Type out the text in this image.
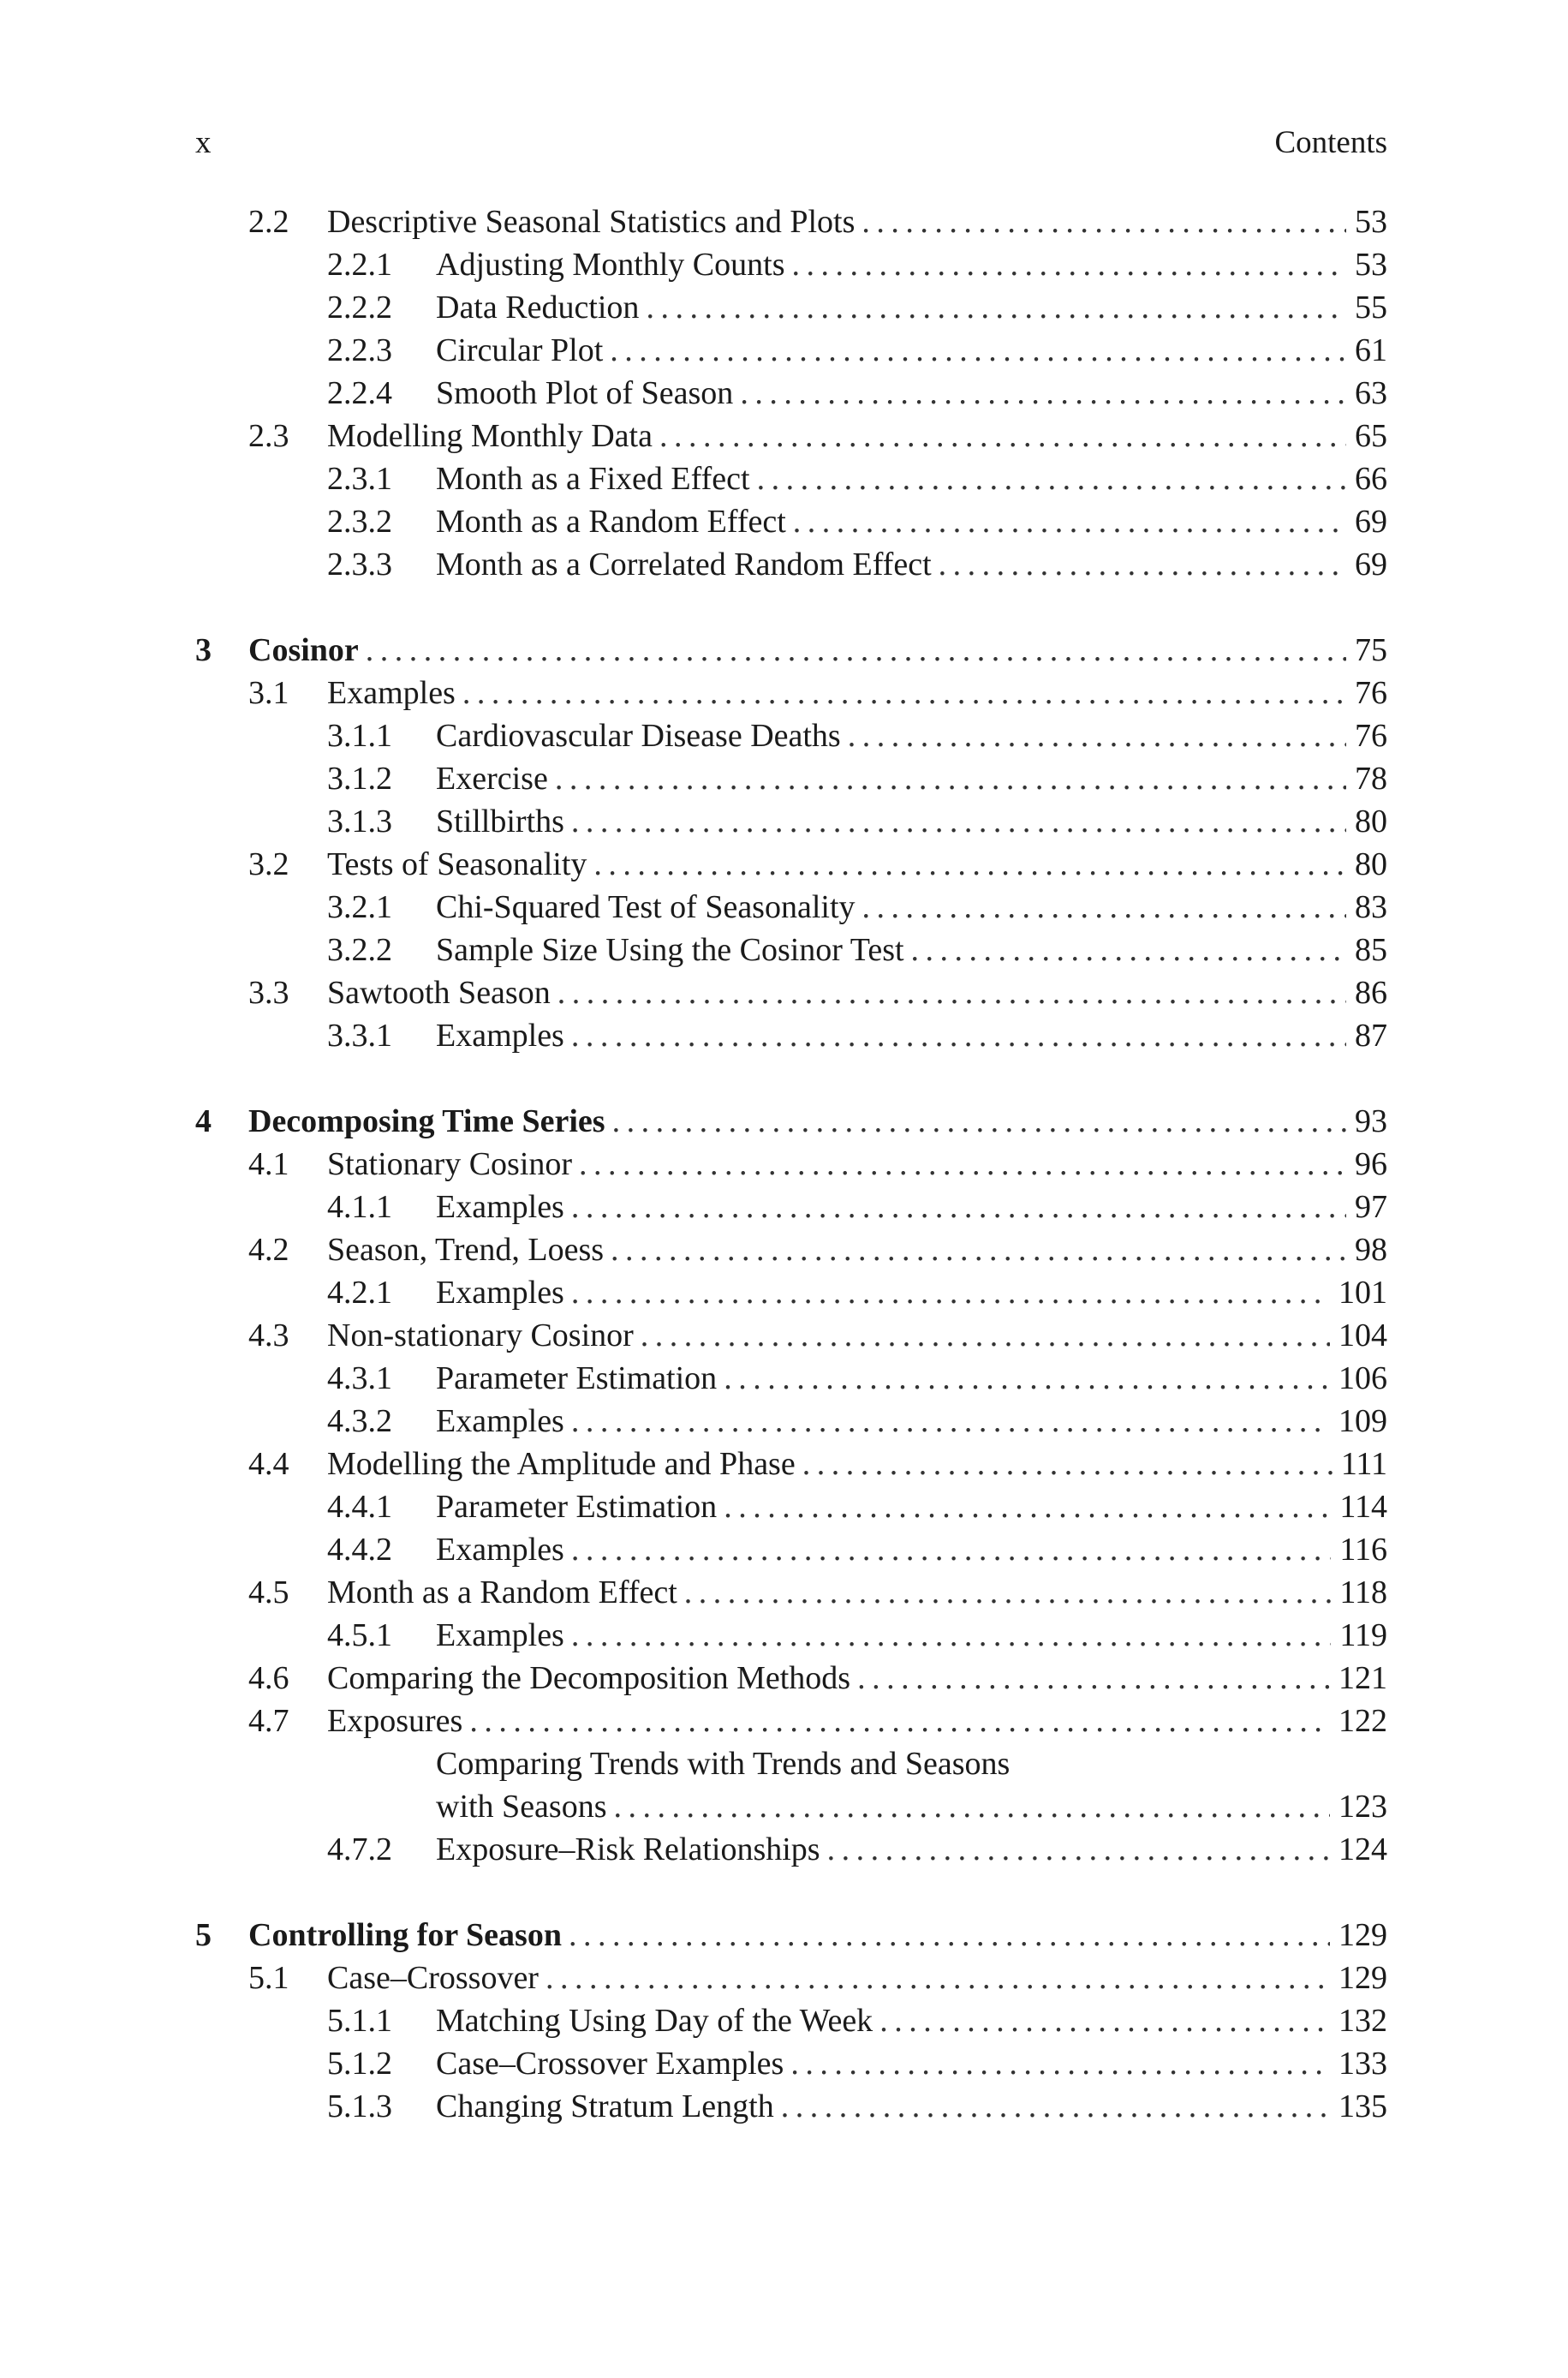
x	Contents
2.2 Descriptive Seasonal Statistics and Plots . . .	53
2.2.1 Adjusting Monthly Counts . . .	53
2.2.2 Data Reduction . . .	55
2.2.3 Circular Plot . . .	61
2.2.4 Smooth Plot of Season . . .	63
2.3 Modelling Monthly Data . . .	65
2.3.1 Month as a Fixed Effect . . .	66
2.3.2 Month as a Random Effect . . .	69
2.3.3 Month as a Correlated Random Effect . . .	69
3 Cosinor . . .	75
3.1 Examples . . .	76
3.1.1 Cardiovascular Disease Deaths . . .	76
3.1.2 Exercise . . .	78
3.1.3 Stillbirths . . .	80
3.2 Tests of Seasonality . . .	80
3.2.1 Chi-Squared Test of Seasonality . . .	83
3.2.2 Sample Size Using the Cosinor Test . . .	85
3.3 Sawtooth Season . . .	86
3.3.1 Examples . . .	87
4 Decomposing Time Series . . .	93
4.1 Stationary Cosinor . . .	96
4.1.1 Examples . . .	97
4.2 Season, Trend, Loess . . .	98
4.2.1 Examples . . .	101
4.3 Non-stationary Cosinor . . .	104
4.3.1 Parameter Estimation . . .	106
4.3.2 Examples . . .	109
4.4 Modelling the Amplitude and Phase . . .	111
4.4.1 Parameter Estimation . . .	114
4.4.2 Examples . . .	116
4.5 Month as a Random Effect . . .	118
4.5.1 Examples . . .	119
4.6 Comparing the Decomposition Methods . . .	121
4.7 Exposures . . .	122
Comparing Trends with Trends and Seasons
with Seasons . . .	123
4.7.2 Exposure–Risk Relationships . . .	124
5 Controlling for Season . . .	129
5.1 Case–Crossover . . .	129
5.1.1 Matching Using Day of the Week . . .	132
5.1.2 Case–Crossover Examples . . .	133
5.1.3 Changing Stratum Length . . .	135
